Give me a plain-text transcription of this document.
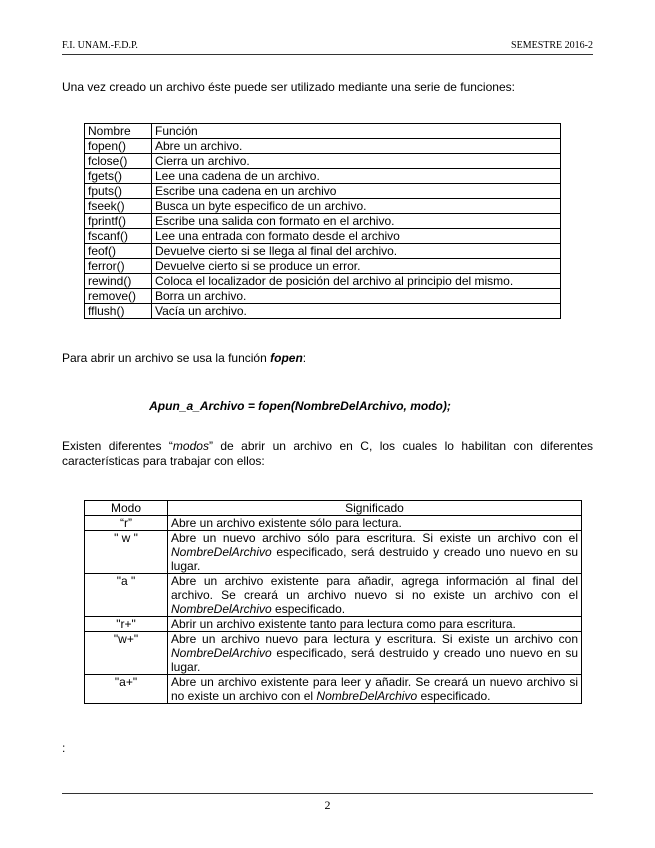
F.I. UNAM.-F.D.P.	SEMESTRE 2016-2
Una vez creado un archivo éste puede ser utilizado mediante una serie de funciones:
Nombre	Función
fopen()	Abre un archivo.
fclose()	Cierra un archivo.
fgets()	Lee una cadena de un archivo.
fputs()	Escribe una cadena en un archivo
fseek()	Busca un byte especifico de un archivo.
fprintf()	Escribe una salida con formato en el archivo.
fscanf()	Lee una entrada con formato desde el archivo
feof()	Devuelve cierto si se llega al final del archivo.
ferror()	Devuelve cierto si se produce un error.
rewind()	Coloca el localizador de posición del archivo al principio del mismo.
remove()	Borra un archivo.
fflush()	Vacía un archivo.
Para abrir un archivo se usa la función fopen:
Apun_a_Archivo = fopen(NombreDelArchivo, modo);
Existen diferentes “modos” de abrir un archivo en C, los cuales lo habilitan con diferentes características para trabajar con ellos:
Modo	Significado
“r”	Abre un archivo existente sólo para lectura.
" w "	Abre un nuevo archivo sólo para escritura. Si existe un archivo con el NombreDelArchivo especificado, será destruido y creado uno nuevo en su lugar.
"a "	Abre un archivo existente para añadir, agrega información al final del archivo. Se creará un archivo nuevo si no existe un archivo con el NombreDelArchivo especificado.
"r+"	Abrir un archivo existente tanto para lectura como para escritura.
"w+"	Abre un archivo nuevo para lectura y escritura. Si existe un archivo con NombreDelArchivo especificado, será destruido y creado uno nuevo en su lugar.
"a+"	Abre un archivo existente para leer y añadir. Se creará un nuevo archivo si no existe un archivo con el NombreDelArchivo especificado.
:
2
